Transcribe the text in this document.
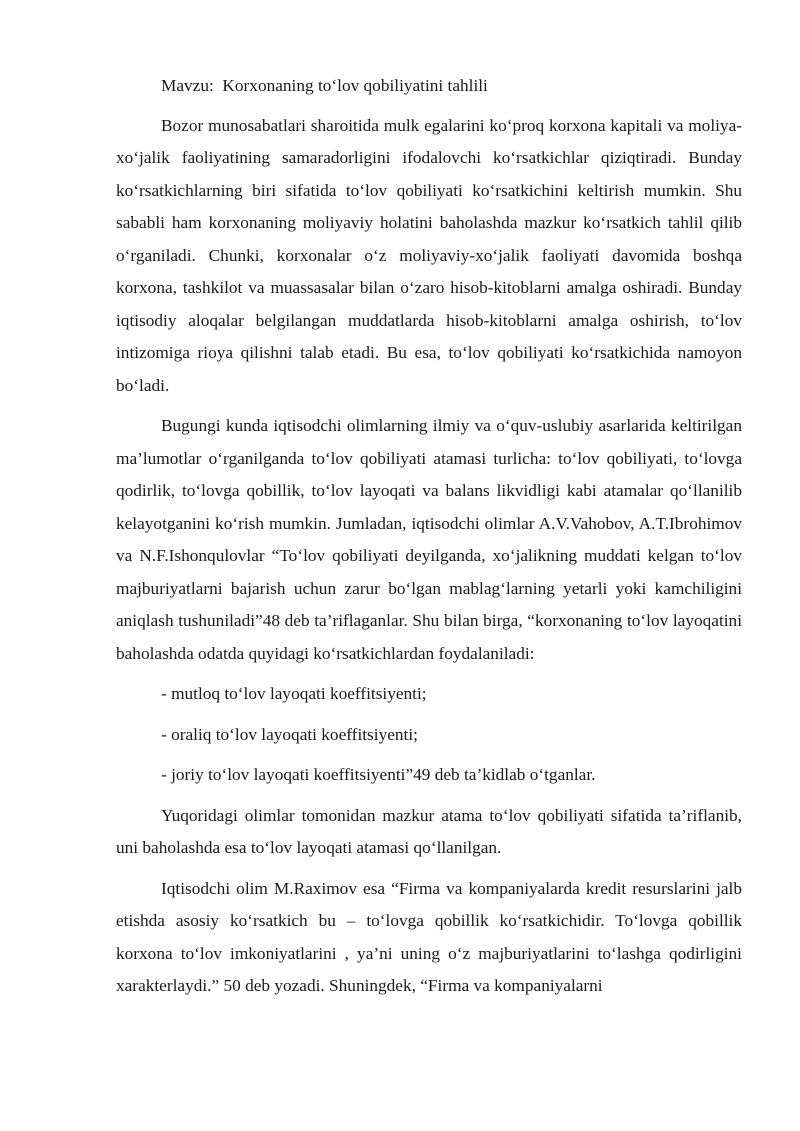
Mavzu:  Korxonaning to‘lov qobiliyatini tahlili

Bozor munosabatlari sharoitida mulk egalarini ko‘proq korxona kapitali va moliya-xo‘jalik faoliyatining samaradorligini ifodalovchi ko‘rsatkichlar qiziqtiradi. Bunday ko‘rsatkichlarning biri sifatida to‘lov qobiliyati ko‘rsatkichini keltirish mumkin. Shu sababli ham korxonaning moliyaviy holatini baholashda mazkur ko‘rsatkich tahlil qilib o‘rganiladi. Chunki, korxonalar o‘z moliyaviy-xo‘jalik faoliyati davomida boshqa korxona, tashkilot va muassasalar bilan o‘zaro hisob-kitoblarni amalga oshiradi. Bunday iqtisodiy aloqalar belgilangan muddatlarda hisob-kitoblarni amalga oshirish, to‘lov intizomiga rioya qilishni talab etadi. Bu esa, to‘lov qobiliyati ko‘rsatkichida namoyon bo‘ladi.

Bugungi kunda iqtisodchi olimlarning ilmiy va o‘quv-uslubiy asarlarida keltirilgan ma’lumotlar o‘rganilganda to‘lov qobiliyati atamasi turlicha: to‘lov qobiliyati, to‘lovga qodirlik, to‘lovga qobillik, to‘lov layoqati va balans likvidligi kabi atamalar qo‘llanilib kelayotganini ko‘rish mumkin. Jumladan, iqtisodchi olimlar A.V.Vahobov, A.T.Ibrohimov va N.F.Ishonqulovlar “To‘lov qobiliyati deyilganda, xo‘jalikning muddati kelgan to‘lov majburiyatlarni bajarish uchun zarur bo‘lgan mablag‘larning yetarli yoki kamchiligini aniqlash tushuniladi”48 deb ta’riflaganlar. Shu bilan birga, “korxonaning to‘lov layoqatini baholashda odatda quyidagi ko‘rsatkichlardan foydalaniladi:

- mutloq to‘lov layoqati koeffitsiyenti;

- oraliq to‘lov layoqati koeffitsiyenti;

- joriy to‘lov layoqati koeffitsiyenti”49 deb ta’kidlab o‘tganlar.

Yuqoridagi olimlar tomonidan mazkur atama to‘lov qobiliyati sifatida ta’riflanib, uni baholashda esa to‘lov layoqati atamasi qo‘llanilgan.

Iqtisodchi olim M.Raximov esa “Firma va kompaniyalarda kredit resurslarini jalb etishda asosiy ko‘rsatkich bu – to‘lovga qobillik ko‘rsatkichidir. To‘lovga qobillik korxona to‘lov imkoniyatlarini , ya’ni uning o‘z majburiyatlarini to‘lashga qodirligini xarakterlaydi.” 50 deb yozadi. Shuningdek, “Firma va kompaniyalarni
